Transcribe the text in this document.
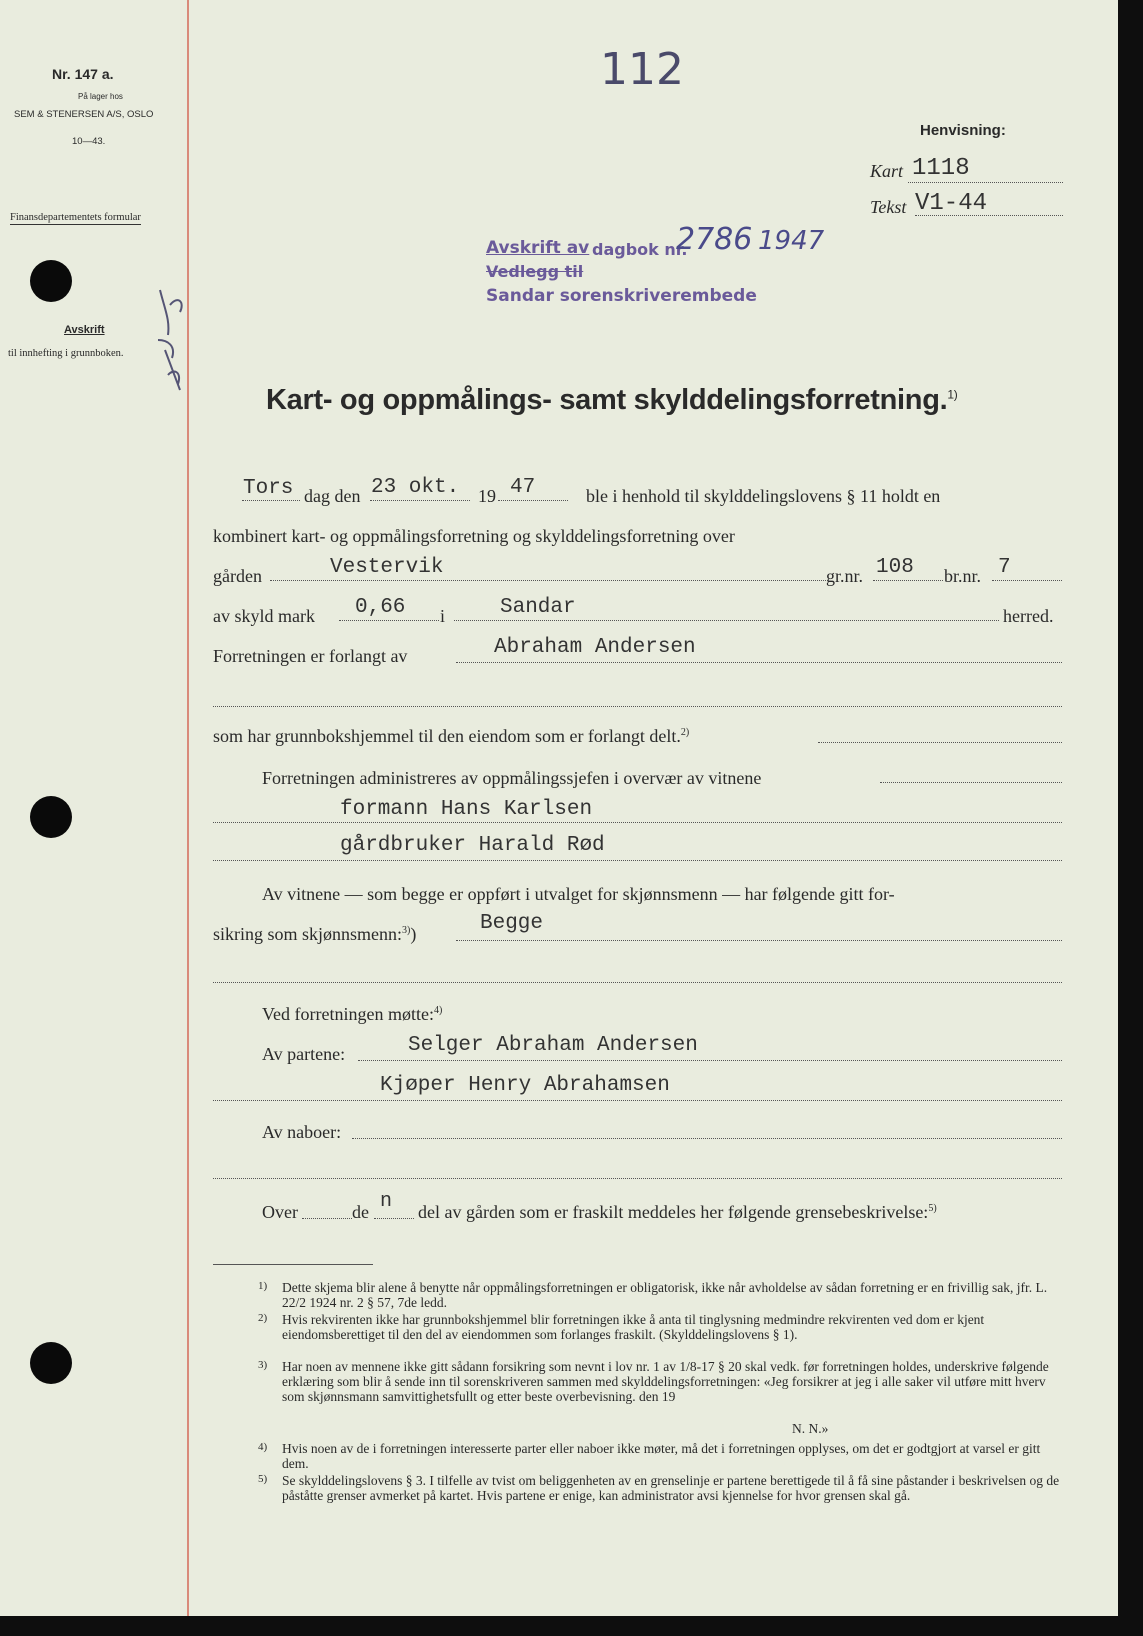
Nr. 147 a.
På lager hos
SEM & STENERSEN A/S, OSLO
10—43.
Finansdepartementets formular
Avskrift
til innhefting i grunnboken.
112
Henvisning:
Kart 1118
Tekst V1-44
Avskrift av dagbok nr.
2786 1947
Vedlegg til
Sandar sorenskriverembede
Kart- og oppmålings- samt skylddelingsforretning.$^{1)}$
Tors dag den 23 okt. 19 47	ble i henhold til skylddelingslovens § 11 holdt en
kombinert kart- og oppmålingsforretning og skylddelingsforretning over
gården	Vestervik	gr.nr. 108 br.nr. 7
av skyld mark 0,66 i	Sandar	herred.
Forretningen er forlangt av	Abraham Andersen
som har grunnbokshjemmel til den eiendom som er forlangt delt.$^{2)}$
Forretningen administreres av oppmålingssjefen i overvær av vitnene
formann Hans Karlsen
gårdbruker Harald Rød
Av vitnene — som begge er oppført i utvalget for skjønnsmenn — har følgende gitt for-
sikring som skjønnsmenn:$^{3)}$)	Begge
Ved forretningen møtte:$^{4)}$
Av partene:	Selger Abraham Andersen
Kjøper Henry Abrahamsen
Av naboer:
Over	de n del av gården som er fraskilt meddeles her følgende grensebeskrivelse:$^{5)}$
1) Dette skjema blir alene å benytte når oppmålingsforretningen er obligatorisk, ikke når avholdelse av sådan forretning er en frivillig sak, jfr. L. 22/2 1924 nr. 2 § 57, 7de ledd.
2) Hvis rekvirenten ikke har grunnbokshjemmel blir forretningen ikke å anta til tinglysning medmindre rekvirenten ved dom er kjent eiendomsberettiget til den del av eiendommen som forlanges fraskilt. (Skylddelingslovens § 1).
3) Har noen av mennene ikke gitt sådann forsikring som nevnt i lov nr. 1 av 1/8-17 § 20 skal vedk. før forretningen holdes, underskrive følgende erklæring som blir å sende inn til sorenskriveren sammen med skylddelingsforretningen: «Jeg forsikrer at jeg i alle saker vil utføre mitt hverv som skjønnsmann samvittighetsfullt og etter beste overbevisning. den 19
N. N.»
4) Hvis noen av de i forretningen interesserte parter eller naboer ikke møter, må det i forretningen opplyses, om det er godtgjort at varsel er gitt dem.
5) Se skylddelingslovens § 3. I tilfelle av tvist om beliggenheten av en grenselinje er partene berettigede til å få sine påstander i beskrivelsen og de påståtte grenser avmerket på kartet. Hvis partene er enige, kan administrator avsi kjennelse for hvor grensen skal gå.
